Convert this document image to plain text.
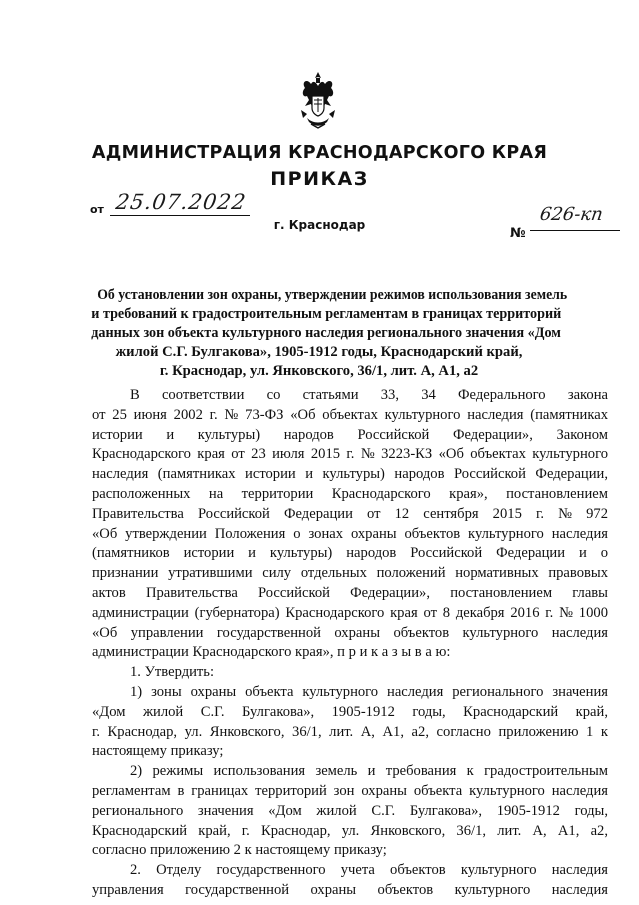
АДМИНИСТРАЦИЯ КРАСНОДАРСКОГО КРАЯ
ПРИКАЗ
от 25.07.2022
г. Краснодар
№
626-кп
Об установлении зон охраны, утверждении режимов использования земель
и требований к градостроительным регламентам в границах территорий
данных зон объекта культурного наследия регионального значения «Дом
жилой С.Г. Булгакова», 1905-1912 годы, Краснодарский край,
г. Краснодар, ул. Янковского, 36/1, лит. А, А1, а2
В соответствии со статьями 33, 34 Федерального закона
от 25 июня 2002 г. № 73-ФЗ «Об объектах культурного наследия (памятниках
истории и культуры) народов Российской Федерации», Законом
Краснодарского края от 23 июля 2015 г. № 3223-КЗ «Об объектах культурного
наследия (памятниках истории и культуры) народов Российской Федерации,
расположенных на территории Краснодарского края», постановлением
Правительства Российской Федерации от 12 сентября 2015 г. № 972
«Об утверждении Положения о зонах охраны объектов культурного наследия
(памятников истории и культуры) народов Российской Федерации и о
признании утратившими силу отдельных положений нормативных правовых
актов Правительства Российской Федерации», постановлением главы
администрации (губернатора) Краснодарского края от 8 декабря 2016 г. № 1000
«Об управлении государственной охраны объектов культурного наследия
администрации Краснодарского края», п р и к а з ы в а ю:
1. Утвердить:
1) зоны охраны объекта культурного наследия регионального значения
«Дом жилой С.Г. Булгакова», 1905-1912 годы, Краснодарский край,
г. Краснодар, ул. Янковского, 36/1, лит. А, А1, а2, согласно приложению 1 к
настоящему приказу;
2) режимы использования земель и требования к градостроительным
регламентам в границах территорий зон охраны объекта культурного наследия
регионального значения «Дом жилой С.Г. Булгакова», 1905-1912 годы,
Краснодарский край, г. Краснодар, ул. Янковского, 36/1, лит. А, А1, а2,
согласно приложению 2 к настоящему приказу;
2. Отделу государственного учета объектов культурного наследия
управления государственной охраны объектов культурного наследия
